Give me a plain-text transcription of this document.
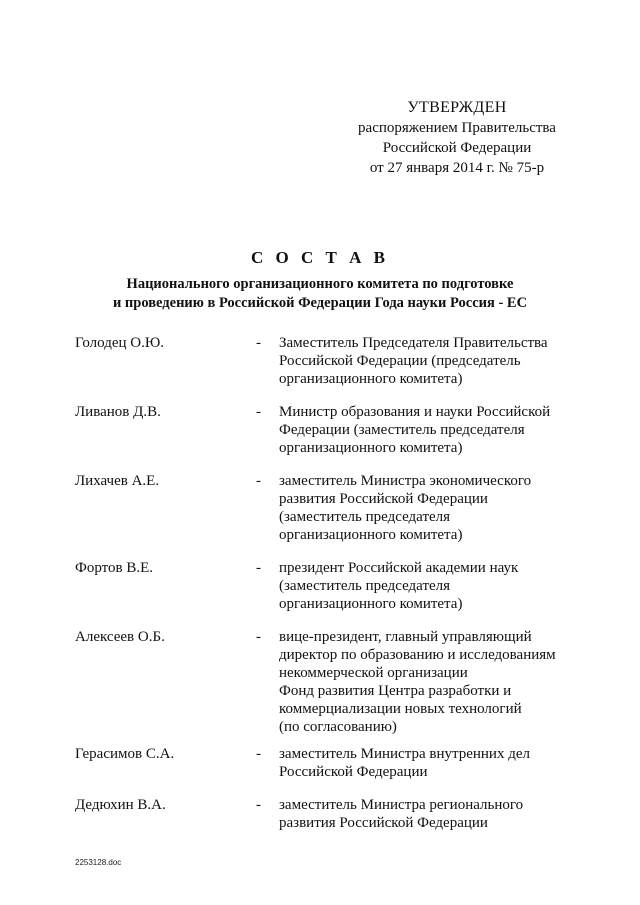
УТВЕРЖДЕН
распоряжением Правительства
Российской Федерации
от 27 января 2014 г. № 75-р
С О С Т А В
Национального организационного комитета по подготовке
и проведению в Российской Федерации Года науки Россия - ЕС
Голодец О.Ю.	- Заместитель Председателя Правительства
Российской Федерации (председатель
организационного комитета)
Ливанов Д.В.	- Министр образования и науки Российской
Федерации (заместитель председателя
организационного комитета)
Лихачев А.Е.	- заместитель Министра экономического
развития Российской Федерации
(заместитель председателя
организационного комитета)
Фортов В.Е.	- президент Российской академии наук
(заместитель председателя
организационного комитета)
Алексеев О.Б.	- вице-президент, главный управляющий
директор по образованию и исследованиям
некоммерческой организации
Фонд развития Центра разработки и
коммерциализации новых технологий
(по согласованию)
Герасимов С.А.	- заместитель Министра внутренних дел
Российской Федерации
Дедюхин В.А.	- заместитель Министра регионального
развития Российской Федерации
2253128.doc
